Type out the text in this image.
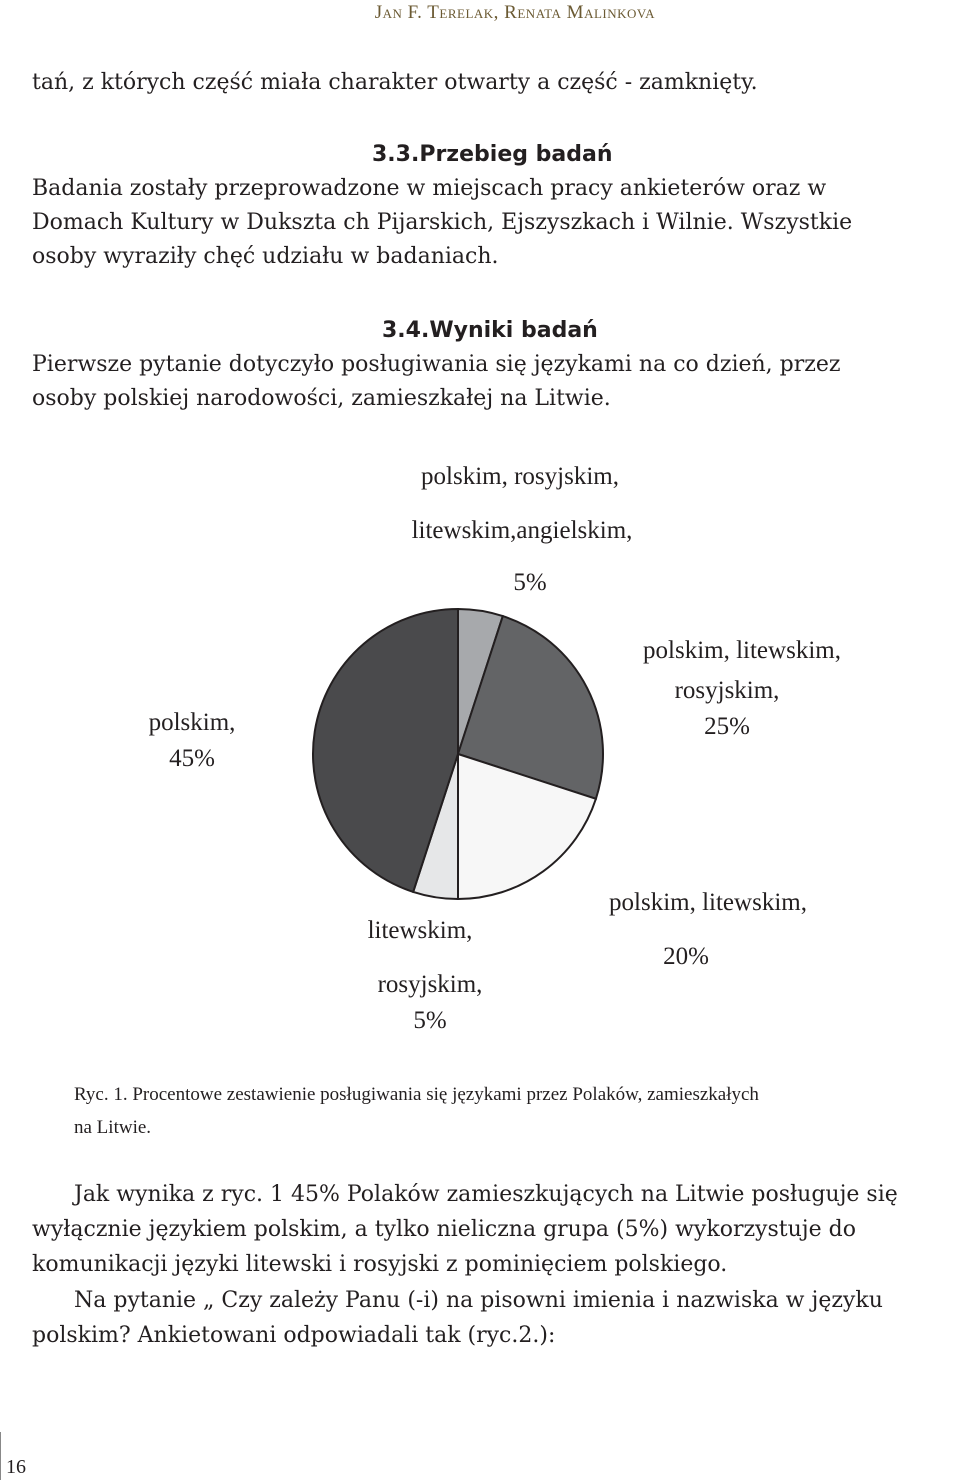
Jan F. Terelak, Renata Malinkova

tań, z których część miała charakter otwarty a część - zamknięty.

3.3.Przebieg badań

Badania zostały przeprowadzone w miejscach pracy ankieterów oraz w

Domach Kultury w Dukszta ch Pijarskich, Ejszyszkach i Wilnie. Wszystkie

osoby wyraziły chęć udziału w badaniach.

3.4.Wyniki badań

Pierwsze pytanie dotyczyło posługiwania się językami na co dzień, przez

osoby polskiej narodowości, zamieszkałej na Litwie.

polskim, rosyjskim,
litewskim,angielskim,
5%
polskim, litewskim,
rosyjskim,
25%
polskim, litewskim,
20%
litewskim,
rosyjskim,
5%
polskim,
45%

Ryc. 1. Procentowe zestawienie posługiwania się językami przez Polaków, zamieszkałych

na Litwie.

Jak wynika z ryc. 1 45% Polaków zamieszkujących na Litwie posługuje się

wyłącznie językiem polskim, a tylko nieliczna grupa (5%) wykorzystuje do

komunikacji języki litewski i rosyjski z pominięciem polskiego.

Na pytanie „ Czy zależy Panu (-i) na pisowni imienia i nazwiska w języku

polskim? Ankietowani odpowiadali tak (ryc.2.):

16
